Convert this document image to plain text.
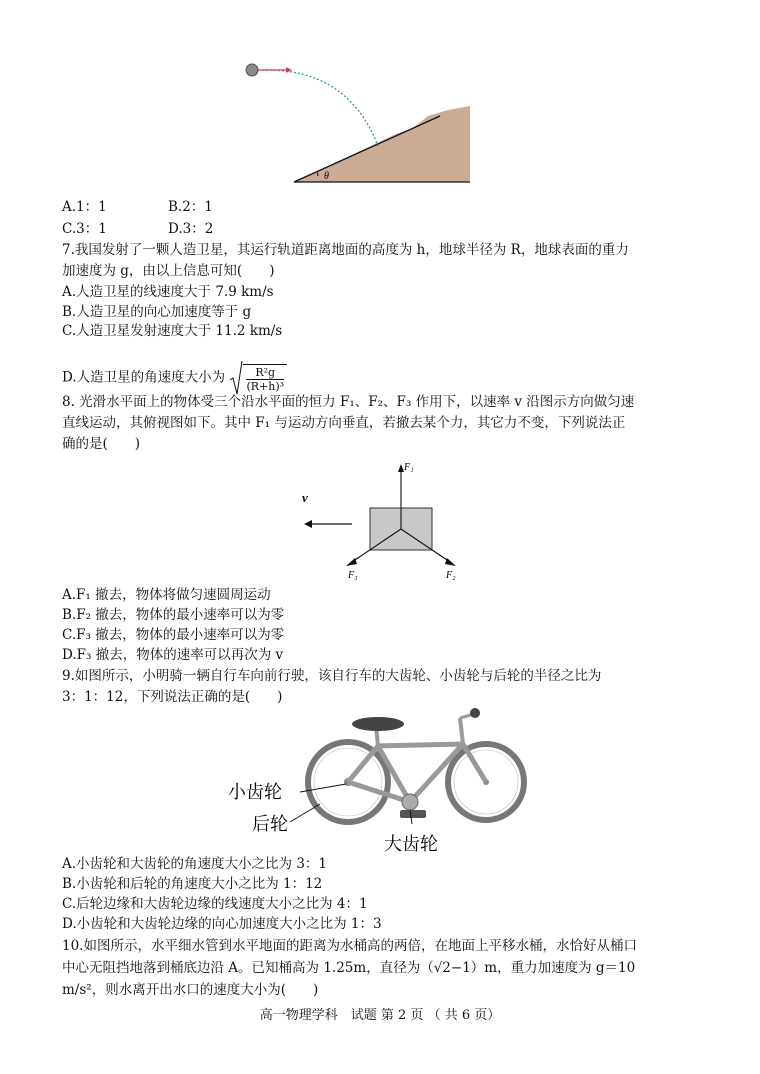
θ
A.1：1	B.2：1
C.3：1	D.3：2
7.我国发射了一颗人造卫星，其运行轨道距离地面的高度为 h，地球半径为 R，地球表面的重力
加速度为 g，由以上信息可知(　　)
A.人造卫星的线速度大于 7.9 km/s
B.人造卫星的向心加速度等于 g
C.人造卫星发射速度大于 11.2 km/s
D.人造卫星的角速度大小为 $\frac{\text{R²g}}{\text{(R+h)³}}$
8. 光滑水平面上的物体受三个沿水平面的恒力 F₁、F₂、F₃ 作用下，以速率 v 沿图示方向做匀速
直线运动，其俯视图如下。其中 F₁ 与运动方向垂直，若撤去某个力，其它力不变，下列说法正
确的是(　　)
v
F₁
F₂
F₃
A.F₁ 撤去，物体将做匀速圆周运动
B.F₂ 撤去，物体的最小速率可以为零
C.F₃ 撤去，物体的最小速率可以为零
D.F₃ 撤去，物体的速率可以再次为 v
9.如图所示，小明骑一辆自行车向前行驶，该自行车的大齿轮、小齿轮与后轮的半径之比为
3：1：12，下列说法正确的是(　　)
小齿轮
后轮
大齿轮
A.小齿轮和大齿轮的角速度大小之比为 3：1
B.小齿轮和后轮的角速度大小之比为 1：12
C.后轮边缘和大齿轮边缘的线速度大小之比为 4：1
D.小齿轮和大齿轮边缘的向心加速度大小之比为 1：3
10.如图所示，水平细水管到水平地面的距离为水桶高的两倍，在地面上平移水桶，水恰好从桶口
中心无阻挡地落到桶底边沿 A。已知桶高为 1.25m，直径为（√2−1）m，重力加速度为 g＝10
m/s²，则水离开出水口的速度大小为(　　)
高一物理学科　试题 第 2 页 （ 共 6 页）
